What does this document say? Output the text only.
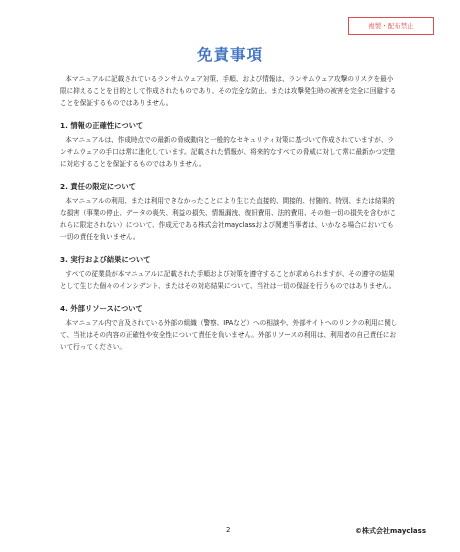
複製・配布禁止
免責事項

本マニュアルに記載されているランサムウェア対策、手順、および情報は、ランサムウェア攻撃のリスクを最小限に抑えることを目的として作成されたものであり、その完全な防止、または攻撃発生時の被害を完全に回避することを保証するものではありません。

1. 情報の正確性について

本マニュアルは、作成時点での最新の脅威動向と一般的なセキュリティ対策に基づいて作成されていますが、ランサムウェアの手口は常に進化しています。記載された情報が、将来的なすべての脅威に対して常に最新かつ完璧に対応することを保証するものではありません。

2. 責任の限定について

本マニュアルの利用、または利用できなかったことにより生じた直接的、間接的、付随的、特別、または結果的な損害（事業の停止、データの喪失、利益の損失、情報漏洩、復旧費用、法的費用、その他一切の損失を含むがこれらに限定されない）について、作成元である株式会社mayclassおよび関連当事者は、いかなる場合においても一切の責任を負いません。

3. 実行および結果について

すべての従業員が本マニュアルに記載された手順および対策を遵守することが求められますが、その遵守の結果として生じた個々のインシデント、またはその対応結果について、当社は一切の保証を行うものではありません。

4. 外部リソースについて

本マニュアル内で言及されている外部の組織（警察、IPAなど）への相談や、外部サイトへのリンクの利用に関して、当社はその内容の正確性や安全性について責任を負いません。外部リソースの利用は、利用者の自己責任において行ってください。

2	©株式会社mayclass
